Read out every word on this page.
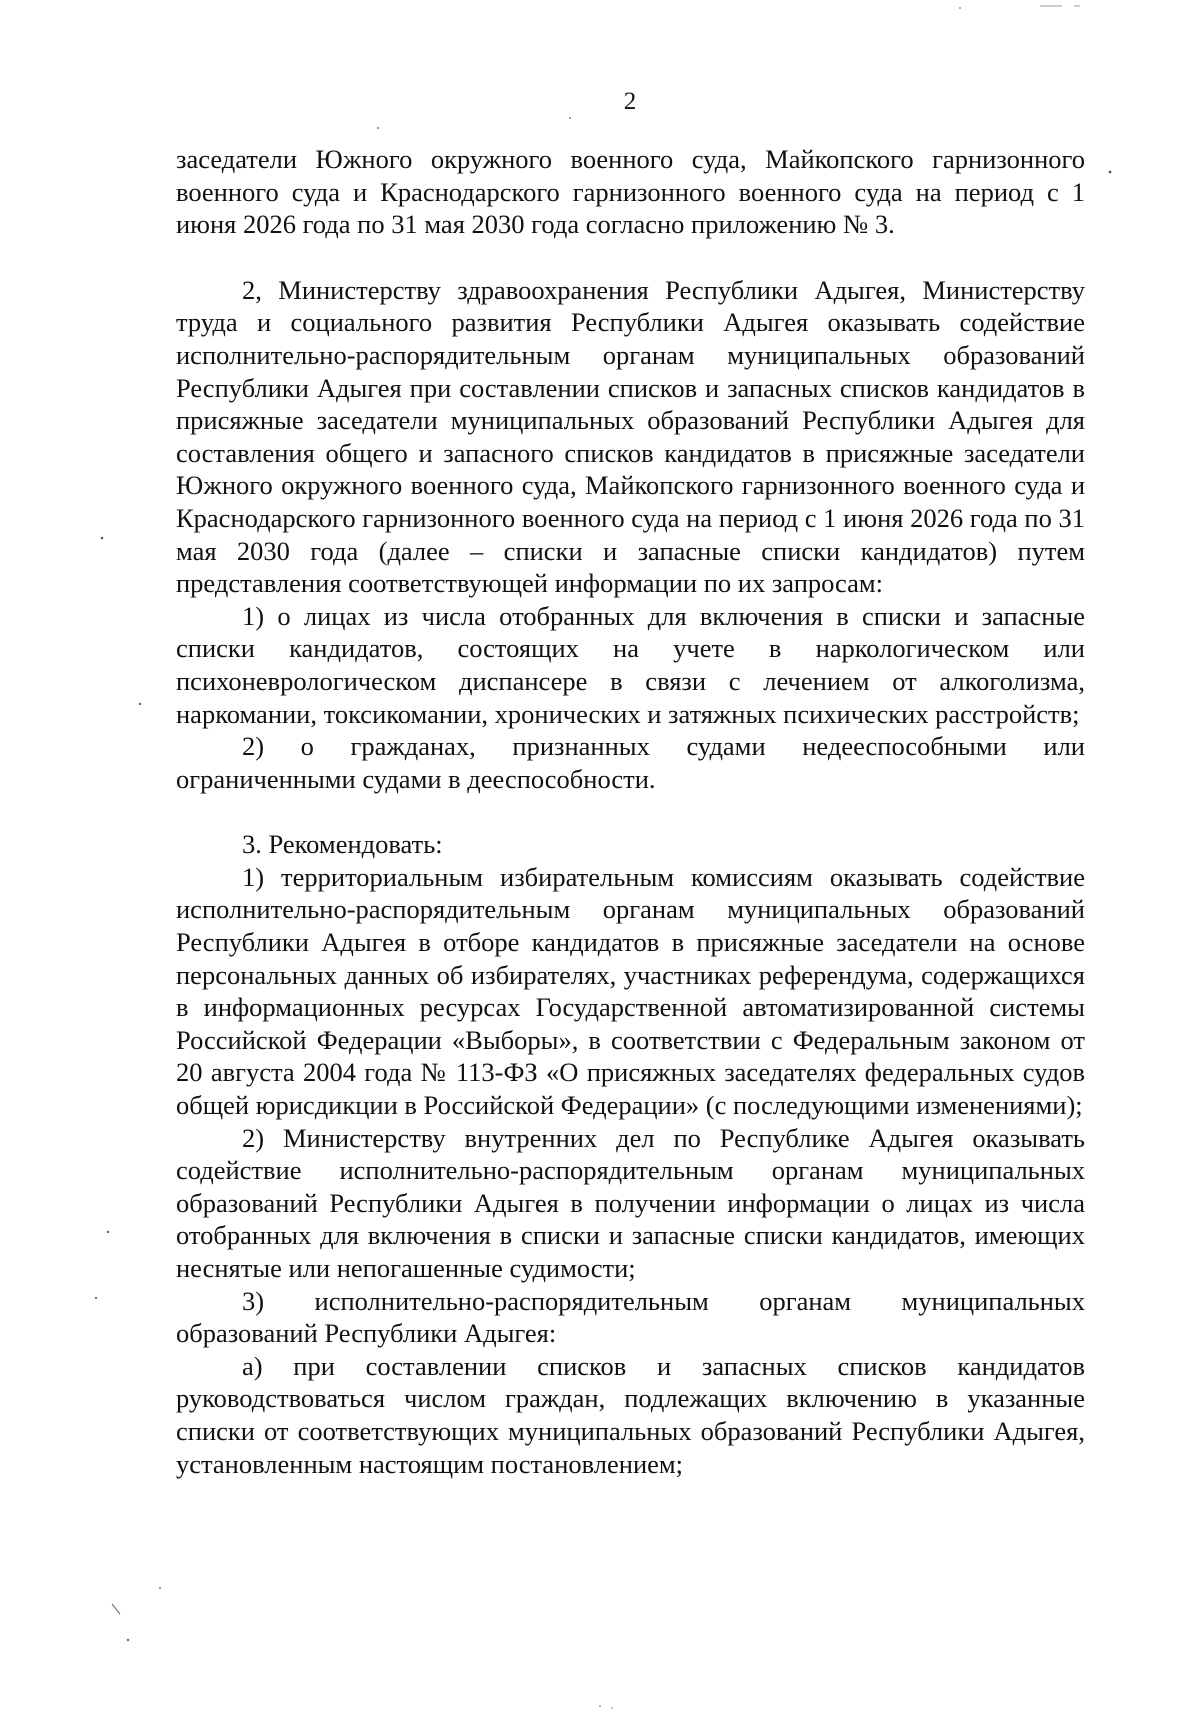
2

заседатели Южного окружного военного суда, Майкопского гарнизонного военного суда и Краснодарского гарнизонного военного суда на период с 1 июня 2026 года по 31 мая 2030 года согласно приложению № 3.

2, Министерству здравоохранения Республики Адыгея, Министерству труда и социального развития Республики Адыгея оказывать содействие исполнительно-распорядительным органам муниципальных образований Республики Адыгея при составлении списков и запасных списков кандидатов в присяжные заседатели муниципальных образований Республики Адыгея для составления общего и запасного списков кандидатов в присяжные заседатели Южного окружного военного суда, Майкопского гарнизонного военного суда и Краснодарского гарнизонного военного суда на период с 1 июня 2026 года по 31 мая 2030 года (далее – списки и запасные списки кандидатов) путем представления соответствующей информации по их запросам:

1) о лицах из числа отобранных для включения в списки и запасные списки кандидатов, состоящих на учете в наркологическом или психоневрологическом диспансере в связи с лечением от алкоголизма, наркомании, токсикомании, хронических и затяжных психических расстройств;

2) о гражданах, признанных судами недееспособными или ограниченными судами в дееспособности.

3. Рекомендовать:

1) территориальным избирательным комиссиям оказывать содействие исполнительно-распорядительным органам муниципальных образований Республики Адыгея в отборе кандидатов в присяжные заседатели на основе персональных данных об избирателях, участниках референдума, содержащихся в информационных ресурсах Государственной автоматизированной системы Российской Федерации «Выборы», в соответствии с Федеральным законом от 20 августа 2004 года № 113-ФЗ «О присяжных заседателях федеральных судов общей юрисдикции в Российской Федерации» (с последующими изменениями);

2) Министерству внутренних дел по Республике Адыгея оказывать содействие исполнительно-распорядительным органам муниципальных образований Республики Адыгея в получении информации о лицах из числа отобранных для включения в списки и запасные списки кандидатов, имеющих неснятые или непогашенные судимости;

3) исполнительно-распорядительным органам муниципальных образований Республики Адыгея:

а) при составлении списков и запасных списков кандидатов руководствоваться числом граждан, подлежащих включению в указанные списки от соответствующих муниципальных образований Республики Адыгея, установленным настоящим постановлением;
